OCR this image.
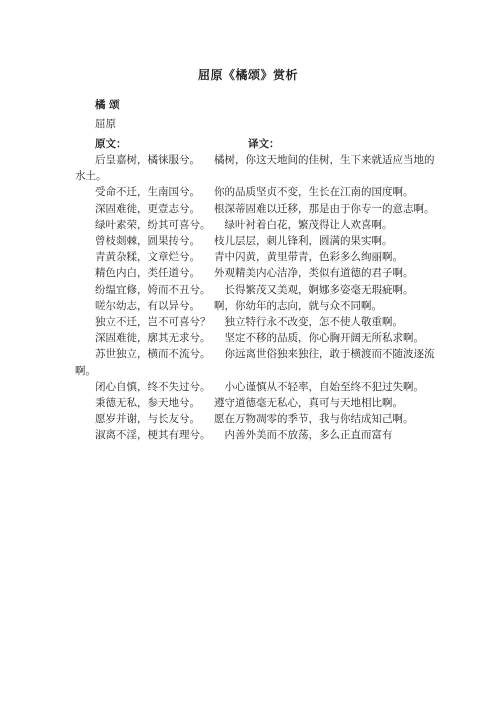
屈原《橘颂》赏析
橘 颂
屈原
原文：	译文：

后皇嘉树，橘徕服兮。 橘树，你这天地间的佳树，生下来就适应当地的水土。

受命不迁，生南国兮。 你的品质坚贞不变，生长在江南的国度啊。

深固难徙，更壹志兮。 根深蒂固难以迁移，那是由于你专一的意志啊。

绿叶素荣，纷其可喜兮。 绿叶衬着白花，繁茂得让人欢喜啊。

曾枝剡棘，圆果抟兮。 枝儿层层，刺儿锋利，圆满的果实啊。

青黄杂糅，文章烂兮。 青中闪黄，黄里带青，色彩多么绚丽啊。

精色内白，类任道兮。 外观精美内心洁净，类似有道德的君子啊。

纷缊宜修，姱而不丑兮。 长得繁茂又美观，婀娜多姿毫无瑕疵啊。

嗟尔幼志，有以异兮。 啊，你幼年的志向，就与众不同啊。

独立不迁，岂不可喜兮？ 独立特行永不改变，怎不使人敬重啊。

深固难徙，廓其无求兮。 坚定不移的品质，你心胸开阔无所私求啊。

苏世独立，横而不流兮。 你远离世俗独来独往，敢于横渡而不随波逐流啊。

闭心自慎，终不失过兮。 小心谨慎从不轻率，自始至终不犯过失啊。

秉德无私，参天地兮。 遵守道德毫无私心，真可与天地相比啊。

愿岁并谢，与长友兮。 愿在万物凋零的季节，我与你结成知己啊。

淑离不淫，梗其有理兮。 内善外美而不放荡，多么正直而富有
